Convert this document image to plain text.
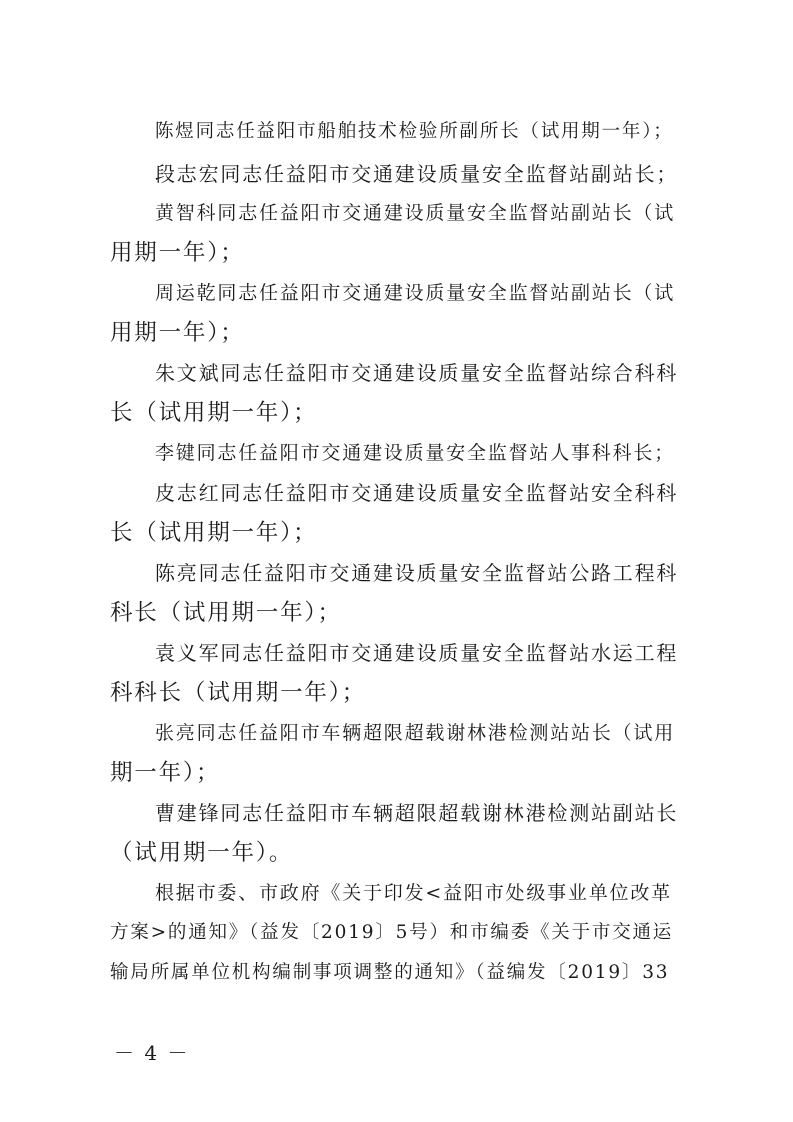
陈煜同志任益阳市船舶技术检验所副所长（试用期一年）；
段志宏同志任益阳市交通建设质量安全监督站副站长；
黄智科同志任益阳市交通建设质量安全监督站副站长（试
用期一年）；
周运乾同志任益阳市交通建设质量安全监督站副站长（试
用期一年）；
朱文斌同志任益阳市交通建设质量安全监督站综合科科
长（试用期一年）；
李键同志任益阳市交通建设质量安全监督站人事科科长；
皮志红同志任益阳市交通建设质量安全监督站安全科科
长（试用期一年）；
陈亮同志任益阳市交通建设质量安全监督站公路工程科
科长（试用期一年）；
袁义军同志任益阳市交通建设质量安全监督站水运工程
科科长（试用期一年）；
张亮同志任益阳市车辆超限超载谢林港检测站站长（试用
期一年）；
曹建锋同志任益阳市车辆超限超载谢林港检测站副站长
（试用期一年）。
根据市委、市政府《关于印发<益阳市处级事业单位改革
方案>的通知》（益发〔2019〕5号）和市编委《关于市交通运
输局所属单位机构编制事项调整的通知》（益编发〔2019〕33
－ 4 －
